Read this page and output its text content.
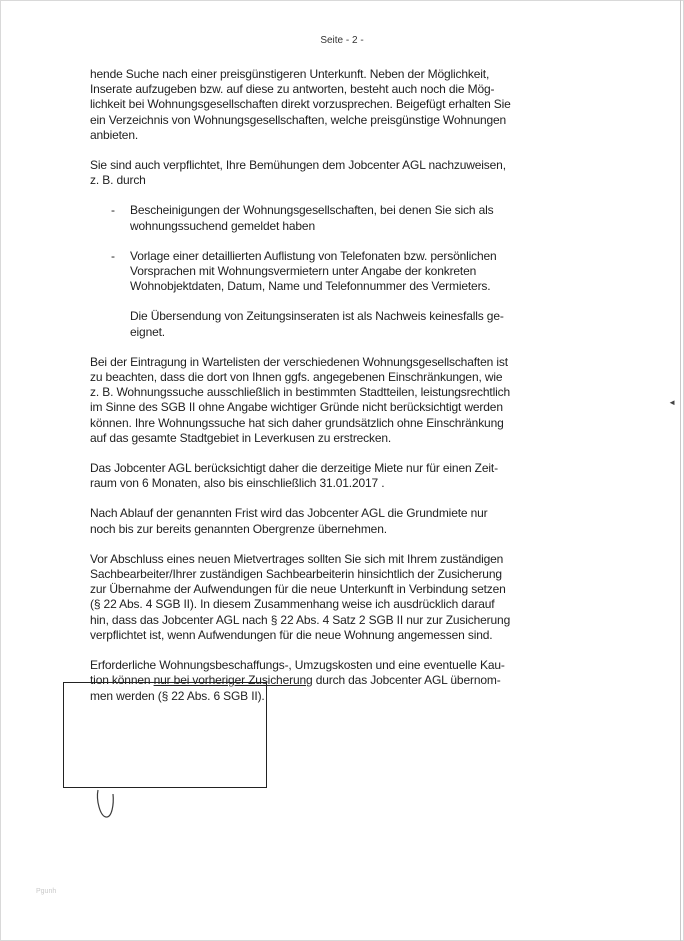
Seite - 2 -

hende Suche nach einer preisgünstigeren Unterkunft. Neben der Möglichkeit,

Inserate aufzugeben bzw. auf diese zu antworten, besteht auch noch die Mög-

lichkeit bei Wohnungsgesellschaften direkt vorzusprechen. Beigefügt erhalten Sie

ein Verzeichnis von Wohnungsgesellschaften, welche preisgünstige Wohnungen

anbieten.

Sie sind auch verpflichtet, Ihre Bemühungen dem Jobcenter AGL nachzuweisen,

z. B. durch

- Bescheinigungen der Wohnungsgesellschaften, bei denen Sie sich als

wohnungssuchend gemeldet haben

- Vorlage einer detaillierten Auflistung von Telefonaten bzw. persönlichen

Vorsprachen mit Wohnungsvermietern unter Angabe der konkreten

Wohnobjektdaten, Datum, Name und Telefonnummer des Vermieters.

Die Übersendung von Zeitungsinseraten ist als Nachweis keinesfalls ge-

eignet.

Bei der Eintragung in Wartelisten der verschiedenen Wohnungsgesellschaften ist

zu beachten, dass die dort von Ihnen ggfs. angegebenen Einschränkungen, wie

z. B. Wohnungssuche ausschließlich in bestimmten Stadtteilen, leistungsrechtlich

im Sinne des SGB II ohne Angabe wichtiger Gründe nicht berücksichtigt werden

können. Ihre Wohnungssuche hat sich daher grundsätzlich ohne Einschränkung

auf das gesamte Stadtgebiet in Leverkusen zu erstrecken.

Das Jobcenter AGL berücksichtigt daher die derzeitige Miete nur für einen Zeit-

raum von 6 Monaten, also bis einschließlich 31.01.2017 .

Nach Ablauf der genannten Frist wird das Jobcenter AGL die Grundmiete nur

noch bis zur bereits genannten Obergrenze übernehmen.

Vor Abschluss eines neuen Mietvertrages sollten Sie sich mit Ihrem zuständigen

Sachbearbeiter/Ihrer zuständigen Sachbearbeiterin hinsichtlich der Zusicherung

zur Übernahme der Aufwendungen für die neue Unterkunft in Verbindung setzen

(§ 22 Abs. 4 SGB II). In diesem Zusammenhang weise ich ausdrücklich darauf

hin, dass das Jobcenter AGL nach § 22 Abs. 4 Satz 2 SGB II nur zur Zusicherung

verpflichtet ist, wenn Aufwendungen für die neue Wohnung angemessen sind.

Erforderliche Wohnungsbeschaffungs-, Umzugskosten und eine eventuelle Kau-

tion können nur bei vorheriger Zusicherung durch das Jobcenter AGL übernom-

men werden (§ 22 Abs. 6 SGB II).

◄
Pgunh
